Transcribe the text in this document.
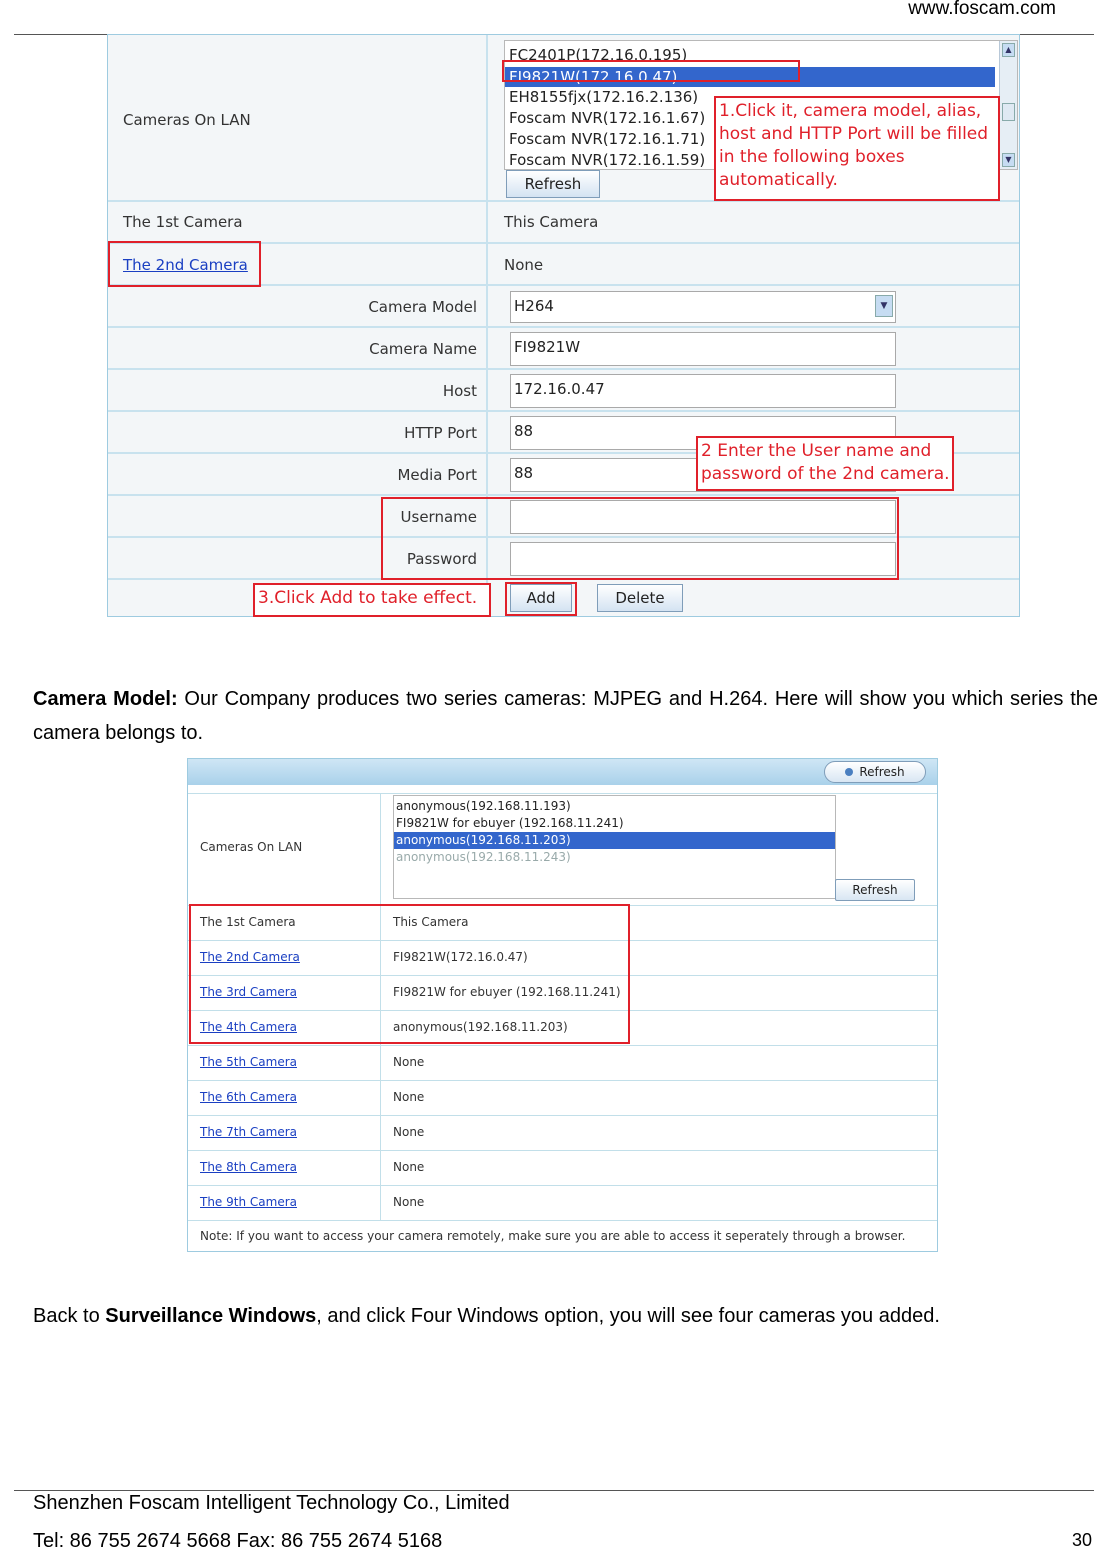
www.foscam.com
Cameras On LAN
FC2401P(172.16.0.195)
FI9821W(172.16.0.47)
EH8155fjx(172.16.2.136)
Foscam NVR(172.16.1.67)
Foscam NVR(172.16.1.71)
Foscam NVR(172.16.1.59)
▲
▼
Refresh
The 1st Camera	This Camera
The 2nd Camera	None
Camera Model H264	▼
Camera Name FI9821W
Host 172.16.0.47
HTTP Port 88
Media Port 88
Username
Password
Add	Delete
1.Click it, camera model, alias,
host and HTTP Port will be filled
in the following boxes
automatically.
2 Enter the User name and
password of the 2nd camera.
3.Click Add to take effect.
Camera Model: Our Company produces two series cameras: MJPEG and H.264. Here will show you which series the camera belongs to.
Refresh
Cameras On LAN
anonymous(192.168.11.193)
FI9821W for ebuyer (192.168.11.241)
anonymous(192.168.11.203)
anonymous(192.168.11.243)
Refresh
The 1st Camera	This Camera
The 2nd Camera	FI9821W(172.16.0.47)
The 3rd Camera	FI9821W for ebuyer (192.168.11.241)
The 4th Camera	anonymous(192.168.11.203)
The 5th Camera	None
The 6th Camera	None
The 7th Camera	None
The 8th Camera	None
The 9th Camera	None
Note: If you want to access your camera remotely, make sure you are able to access it seperately through a browser.
Back to Surveillance Windows, and click Four Windows option, you will see four cameras you added.
Shenzhen Foscam Intelligent Technology Co., Limited
Tel: 86 755 2674 5668 Fax: 86 755 2674 5168	30
